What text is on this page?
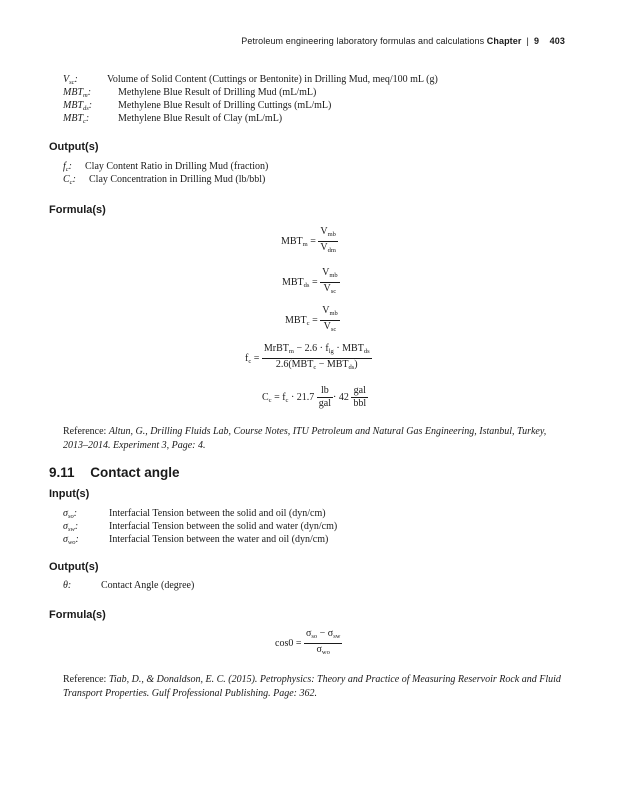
Petroleum engineering laboratory formulas and calculations Chapter | 9 403
$V_{sc}$:	Volume of Solid Content (Cuttings or Bentonite) in Drilling Mud, meq/100 mL (g)
$MBT_m$:	Methylene Blue Result of Drilling Mud (mL/mL)
$MBT_{ds}$:	Methylene Blue Result of Drilling Cuttings (mL/mL)
$MBT_c$:	Methylene Blue Result of Clay (mL/mL)
Output(s)
$f_c$: Clay Content Ratio in Drilling Mud (fraction)
$C_c$: Clay Concentration in Drilling Mud (lb/bbl)
Formula(s)
$MBT_m = \frac{V_{mb}}{V_{dm}}$
$MBT_{ds} = \frac{V_{mb}}{V_{sc}}$
$MBT_c = \frac{V_{mb}}{V_{sc}}$
$f_c = \frac{MrBT_m - 2.6 \cdot f_{lg} \cdot MBT_{ds}}{2.6(MBT_c - MBT_{ds})}$
$C_c = f_c \cdot 21.7 \frac{lb}{\text{gal}} \cdot 42 \frac{\text{gal}}{\text{bbl}}$
Reference: Altun, G., Drilling Fluids Lab, Course Notes, ITU Petroleum and Natural Gas Engineering, Istanbul, Turkey, 2013–2014. Experiment 3, Page: 4.
9.11 Contact angle
Input(s)
$\sigma_{so}$:	Interfacial Tension between the solid and oil (dyn/cm)
$\sigma_{sw}$:	Interfacial Tension between the solid and water (dyn/cm)
$\sigma_{wo}$:	Interfacial Tension between the water and oil (dyn/cm)
Output(s)
θ:	Contact Angle (degree)
Formula(s)
$\cos 0 = \frac{\sigma_{so} - \sigma_{sw}}{\sigma_{wo}}$
Reference: Tiab, D., & Donaldson, E. C. (2015). Petrophysics: Theory and Practice of Measuring Reservoir Rock and Fluid Transport Properties. Gulf Professional Publishing. Page: 362.
